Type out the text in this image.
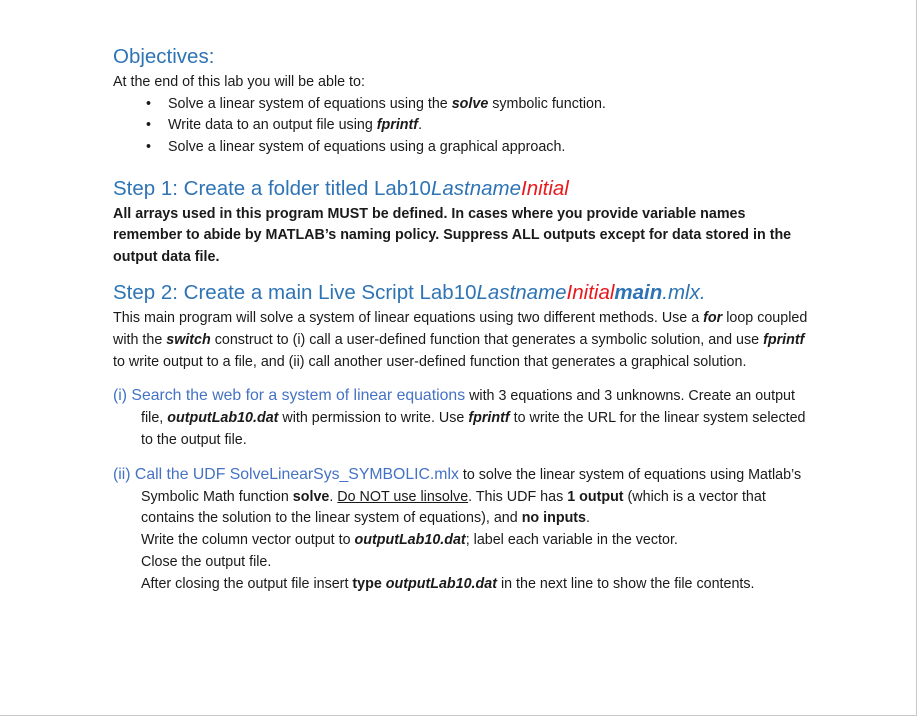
Objectives:

At the end of this lab you will be able to:

• Solve a linear system of equations using the solve symbolic function.
• Write data to an output file using fprintf.
• Solve a linear system of equations using a graphical approach.

Step 1: Create a folder titled Lab10LastnameInitial

All arrays used in this program MUST be defined. In cases where you provide variable names remember to abide by MATLAB’s naming policy. Suppress ALL outputs except for data stored in the output data file.

Step 2: Create a main Live Script Lab10LastnameInitialmain.mlx.

This main program will solve a system of linear equations using two different methods. Use a for loop coupled with the switch construct to (i) call a user-defined function that generates a symbolic solution, and use fprintf to write output to a file, and (ii) call another user-defined function that generates a graphical solution.

(i) Search the web for a system of linear equations with 3 equations and 3 unknowns. Create an output file, outputLab10.dat with permission to write. Use fprintf to write the URL for the linear system selected to the output file.

(ii) Call the UDF SolveLinearSys_SYMBOLIC.mlx to solve the linear system of equations using Matlab’s Symbolic Math function solve. Do NOT use linsolve. This UDF has 1 output (which is a vector that contains the solution to the linear system of equations), and no inputs.

Write the column vector output to outputLab10.dat; label each variable in the vector.

Close the output file.

After closing the output file insert type outputLab10.dat in the next line to show the file contents.
